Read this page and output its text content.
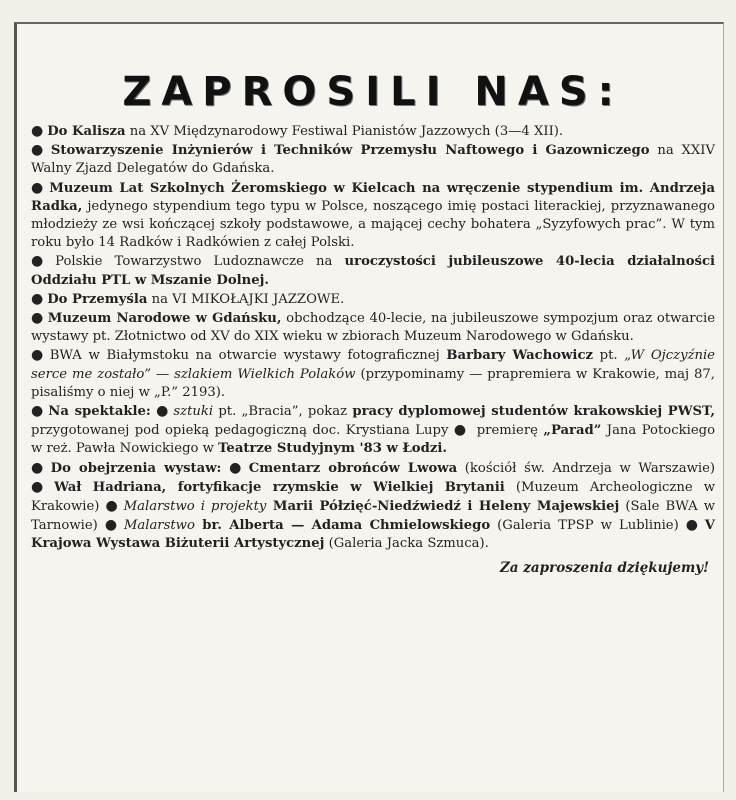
ZAPROSILI NAS:

● Do Kalisza na XV Międzynarodowy Festiwal Pianistów Jazzowych (3—4 XII).

● Stowarzyszenie Inżynierów i Techników Przemysłu Naftowego i Gazowniczego na XXIV Walny Zjazd Delegatów do Gdańska.

● Muzeum Lat Szkolnych Żeromskiego w Kielcach na wręczenie stypendium im. Andrzeja Radka, jedynego stypendium tego typu w Polsce, noszącego imię postaci literackiej, przyznawanego młodzieży ze wsi kończącej szkoły podstawowe, a mającej cechy bohatera „Syzyfowych prac”. W tym roku było 14 Radków i Radkówien z całej Polski.

● Polskie Towarzystwo Ludoznawcze na uroczystości jubileuszowe 40-lecia działalności Oddziału PTL w Mszanie Dolnej.

● Do Przemyśla na VI MIKOŁAJKI JAZZOWE.

● Muzeum Narodowe w Gdańsku, obchodzące 40-lecie, na jubileuszowe sympozjum oraz otwarcie wystawy pt. Złotnictwo od XV do XIX wieku w zbiorach Muzeum Narodowego w Gdańsku.

● BWA w Białymstoku na otwarcie wystawy fotograficznej Barbary Wachowicz pt. „W Ojczyźnie serce me zostało” — szlakiem Wielkich Polaków (przypominamy — prapremiera w Krakowie, maj 87, pisaliśmy o niej w „P.” 2193).

● Na spektakle: ● sztuki pt. „Bracia”, pokaz pracy dyplomowej studentów krakowskiej PWST, przygotowanej pod opieką pedagogiczną doc. Krystiana Lupy ● premierę „Parad” Jana Potockiego w reż. Pawła Nowickiego w Teatrze Studyjnym '83 w Łodzi.

● Do obejrzenia wystaw: ● Cmentarz obrońców Lwowa (kościół św. Andrzeja w Warszawie) ● Wał Hadriana, fortyfikacje rzymskie w Wielkiej Brytanii (Muzeum Archeologiczne w Krakowie) ● Malarstwo i projekty Marii Półzięć-Niedźwiedź i Heleny Majewskiej (Sale BWA w Tarnowie) ● Malarstwo br. Alberta — Adama Chmielowskiego (Galeria TPSP w Lublinie) ● V Krajowa Wystawa Biżuterii Artystycznej (Galeria Jacka Szmuca).

Za zaproszenia dziękujemy!
